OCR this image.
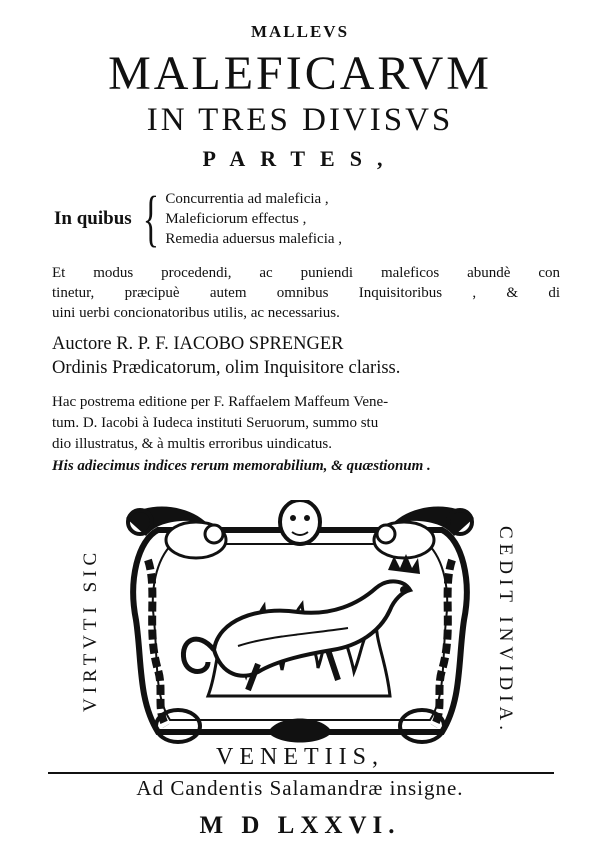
MALLEVS
MALEFICARVM
IN TRES DIVISVS
PARTES,
In quibus { Concurrentia ad maleficia ,
Maleficiorum effectus ,
Remedia aduersus maleficia ,
Et modus procedendi, ac puniendi maleficos abundè con
tinetur, præcipuè autem omnibus Inquisitoribus , & di
uini uerbi concionatoribus utilis, ac necessarius.
Auctore R. P. F. IACOBO SPRENGER
Ordinis Prædicatorum, olim Inquisitore clariss.
Hac postrema editione per F. Raffaelem Maffeum Vene-
tum. D. Iacobi à Iudeca instituti Seruorum, summo stu
dio illustratus, & à multis erroribus uindicatus.
His adiecimus indices rerum memorabilium, & quæstionum .
VIRTVTI SIC	CEDIT INVIDIA.
VENETIIS,
Ad Candentis Salamandræ insigne.
M D LXXVI.
